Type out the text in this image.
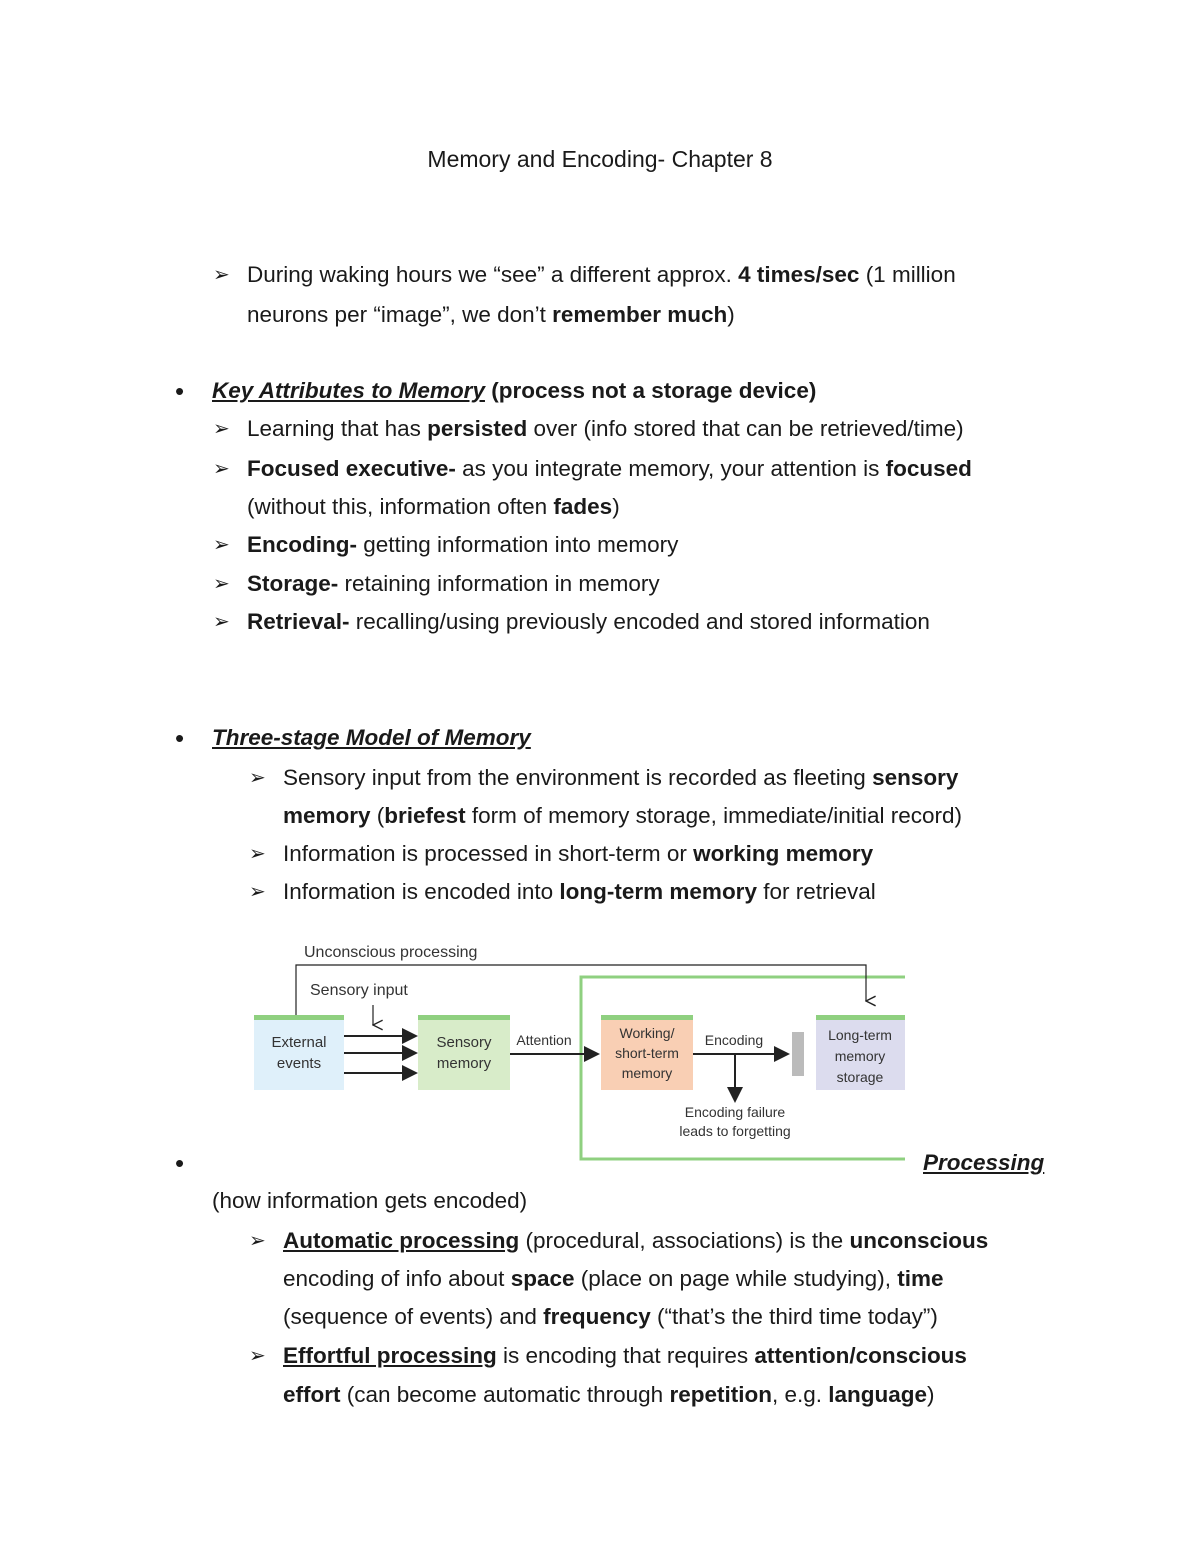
Memory and Encoding- Chapter 8
➢ During waking hours we “see” a different approx. 4 times/sec (1 million
neurons per “image”, we don’t remember much)
• Key Attributes to Memory (process not a storage device)
➢ Learning that has persisted over (info stored that can be retrieved/time)
➢ Focused executive- as you integrate memory, your attention is focused
(without this, information often fades)
➢ Encoding- getting information into memory
➢ Storage- retaining information in memory
➢ Retrieval- recalling/using previously encoded and stored information
• Three-stage Model of Memory
➢ Sensory input from the environment is recorded as fleeting sensory
memory (briefest form of memory storage, immediate/initial record)
➢ Information is processed in short-term or working memory
➢ Information is encoded into long-term memory for retrieval
Unconscious processing
Sensory input
External
events
Sensory
memory
Attention	Working/
short-term
memory
Encoding
Encoding failure
leads to forgetting
Long-term
memory
storage
•	Processing
(how information gets encoded)
➢ Automatic processing (procedural, associations) is the unconscious
encoding of info about space (place on page while studying), time
(sequence of events) and frequency (“that’s the third time today”)
➢ Effortful processing is encoding that requires attention/conscious
effort (can become automatic through repetition, e.g. language)
